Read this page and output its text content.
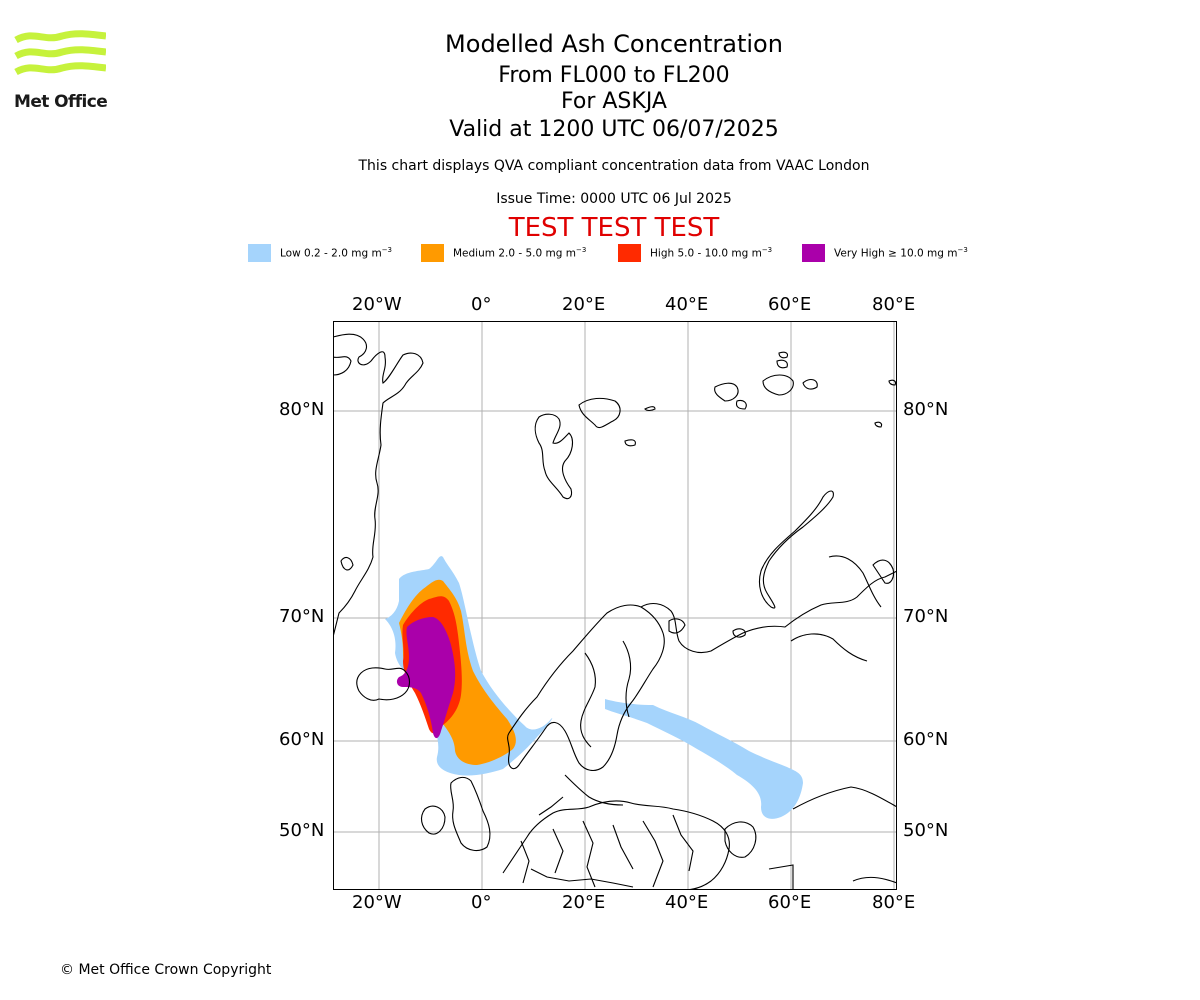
Met Office
Modelled Ash Concentration
From FL000 to FL200
For ASKJA
Valid at 1200 UTC 06/07/2025
This chart displays QVA compliant concentration data from VAAC London
Issue Time: 0000 UTC 06 Jul 2025
TEST TEST TEST
Low 0.2 - 2.0 mg $m^{-3}$	Medium 2.0 - 5.0 mg $m^{-3}$	High 5.0 - 10.0 mg $m^{-3}$	Very High ≥ 10.0 mg $m^{-3}$
20°W	0°	20°E	40°E	60°E	80°E
20°W	0°	20°E	40°E	60°E	80°E
80°N
70°N
60°N
50°N
80°N
70°N
60°N
50°N
© Met Office Crown Copyright
